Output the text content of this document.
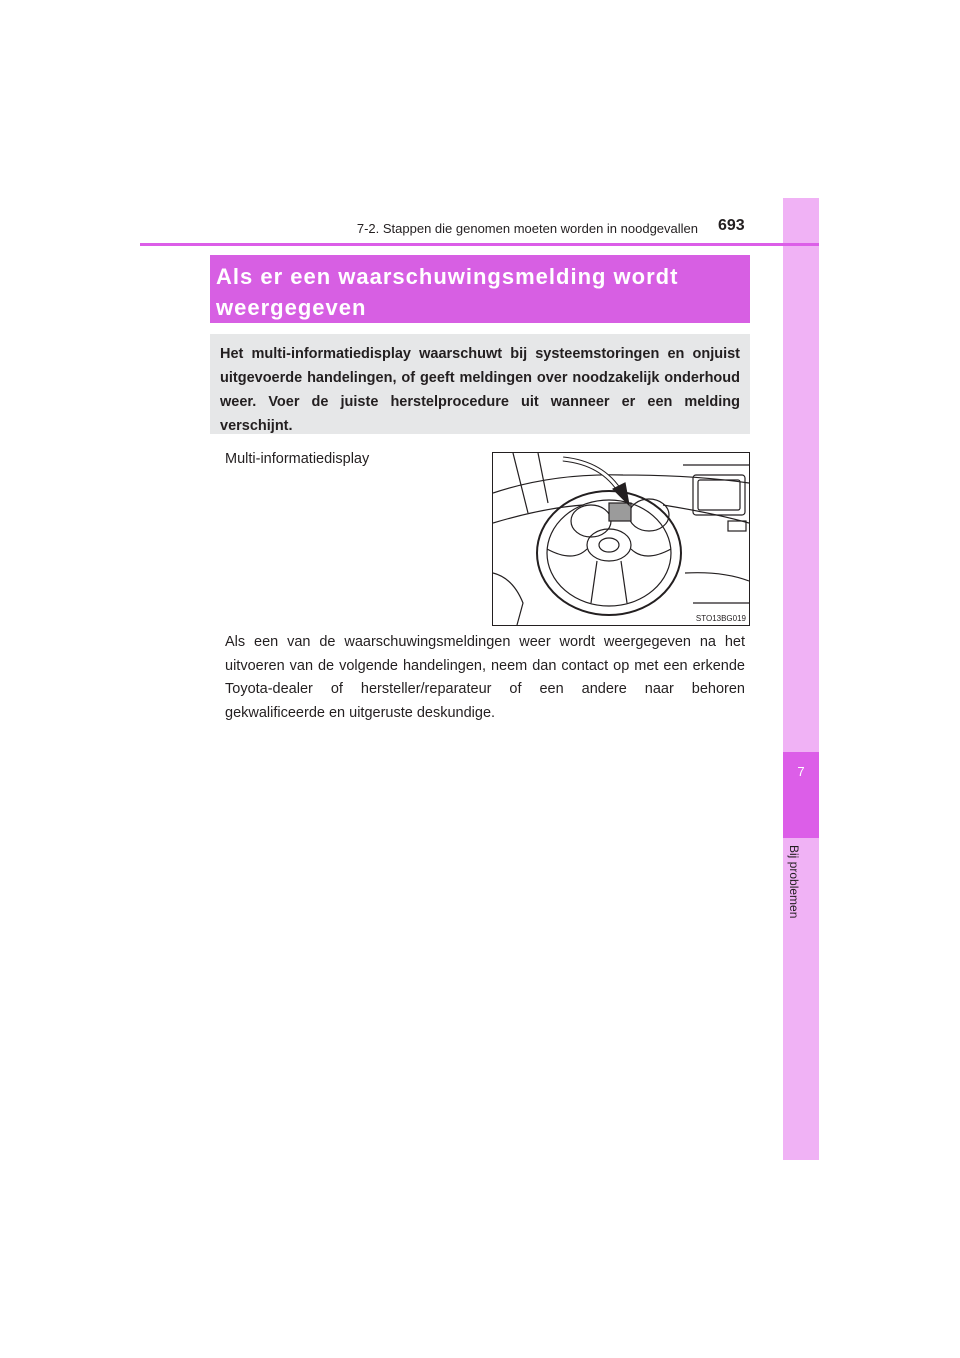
7
Bij problemen
7-2. Stappen die genomen moeten worden in noodgevallen 693

Als er een waarschuwingsmelding wordt
weergegeven

Het multi-informatiedisplay waarschuwt bij systeemstoringen en onjuist uitgevoerde handelingen, of geeft meldingen over noodzakelijk onderhoud weer. Voer de juiste herstelprocedure uit wanneer er een melding verschijnt.

Multi-informatiedisplay
STO13BG019

Als een van de waarschuwingsmeldingen weer wordt weergegeven na het uitvoeren van de volgende handelingen, neem dan contact op met een erkende Toyota-dealer of hersteller/reparateur of een andere naar behoren gekwalificeerde en uitgeruste deskundige.
